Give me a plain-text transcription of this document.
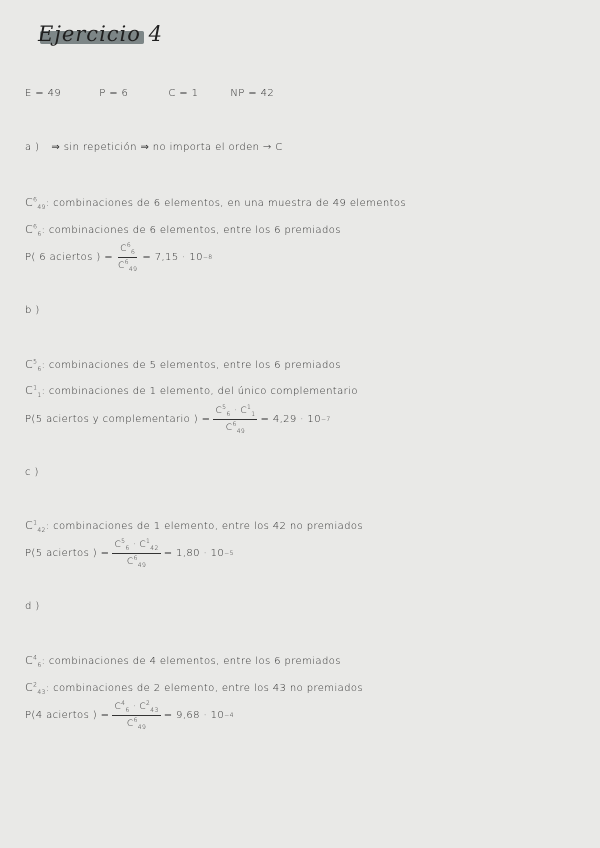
Ejercicio 4
E = 49	P = 6	C = 1	NP = 42
a ) ⇒ sin repetición ⇒ no importa el orden → C
$C^6_{49}$ : combinaciones de 6 elementos, en una muestra de 49 elementos
$C^6_6$ : combinaciones de 6 elementos, entre los 6 premiados
P( 6 aciertos ) = $\frac{C^6_6}{C^6_{49}} = 7,15 \cdot 10 -8$
b )
$C^5_6$ : combinaciones de 5 elementos, entre los 6 premiados
$C^1_1$ : combinaciones de 1 elemento, del único complementario
P(5 aciertos y complementario ) = $\frac{C^5_6 \cdot C^1_1}{C^6_{49}} = 4,29 \cdot 10 -7$
c )
$C^1_{42}$ : combinaciones de 1 elemento, entre los 42 no premiados
P(5 aciertos ) = $\frac{C^5_6 \cdot C^1_{42}}{C^6_{49}} = 1,80 \cdot 10 -5$
d )
$C^4_6$ : combinaciones de 4 elementos, entre los 6 premiados
$C^2_{43}$ : combinaciones de 2 elemento, entre los 43 no premiados
P(4 aciertos ) = $\frac{C^4_6 \cdot C^2_{43}}{C^6_{49}} = 9,68 \cdot 10 -4$
